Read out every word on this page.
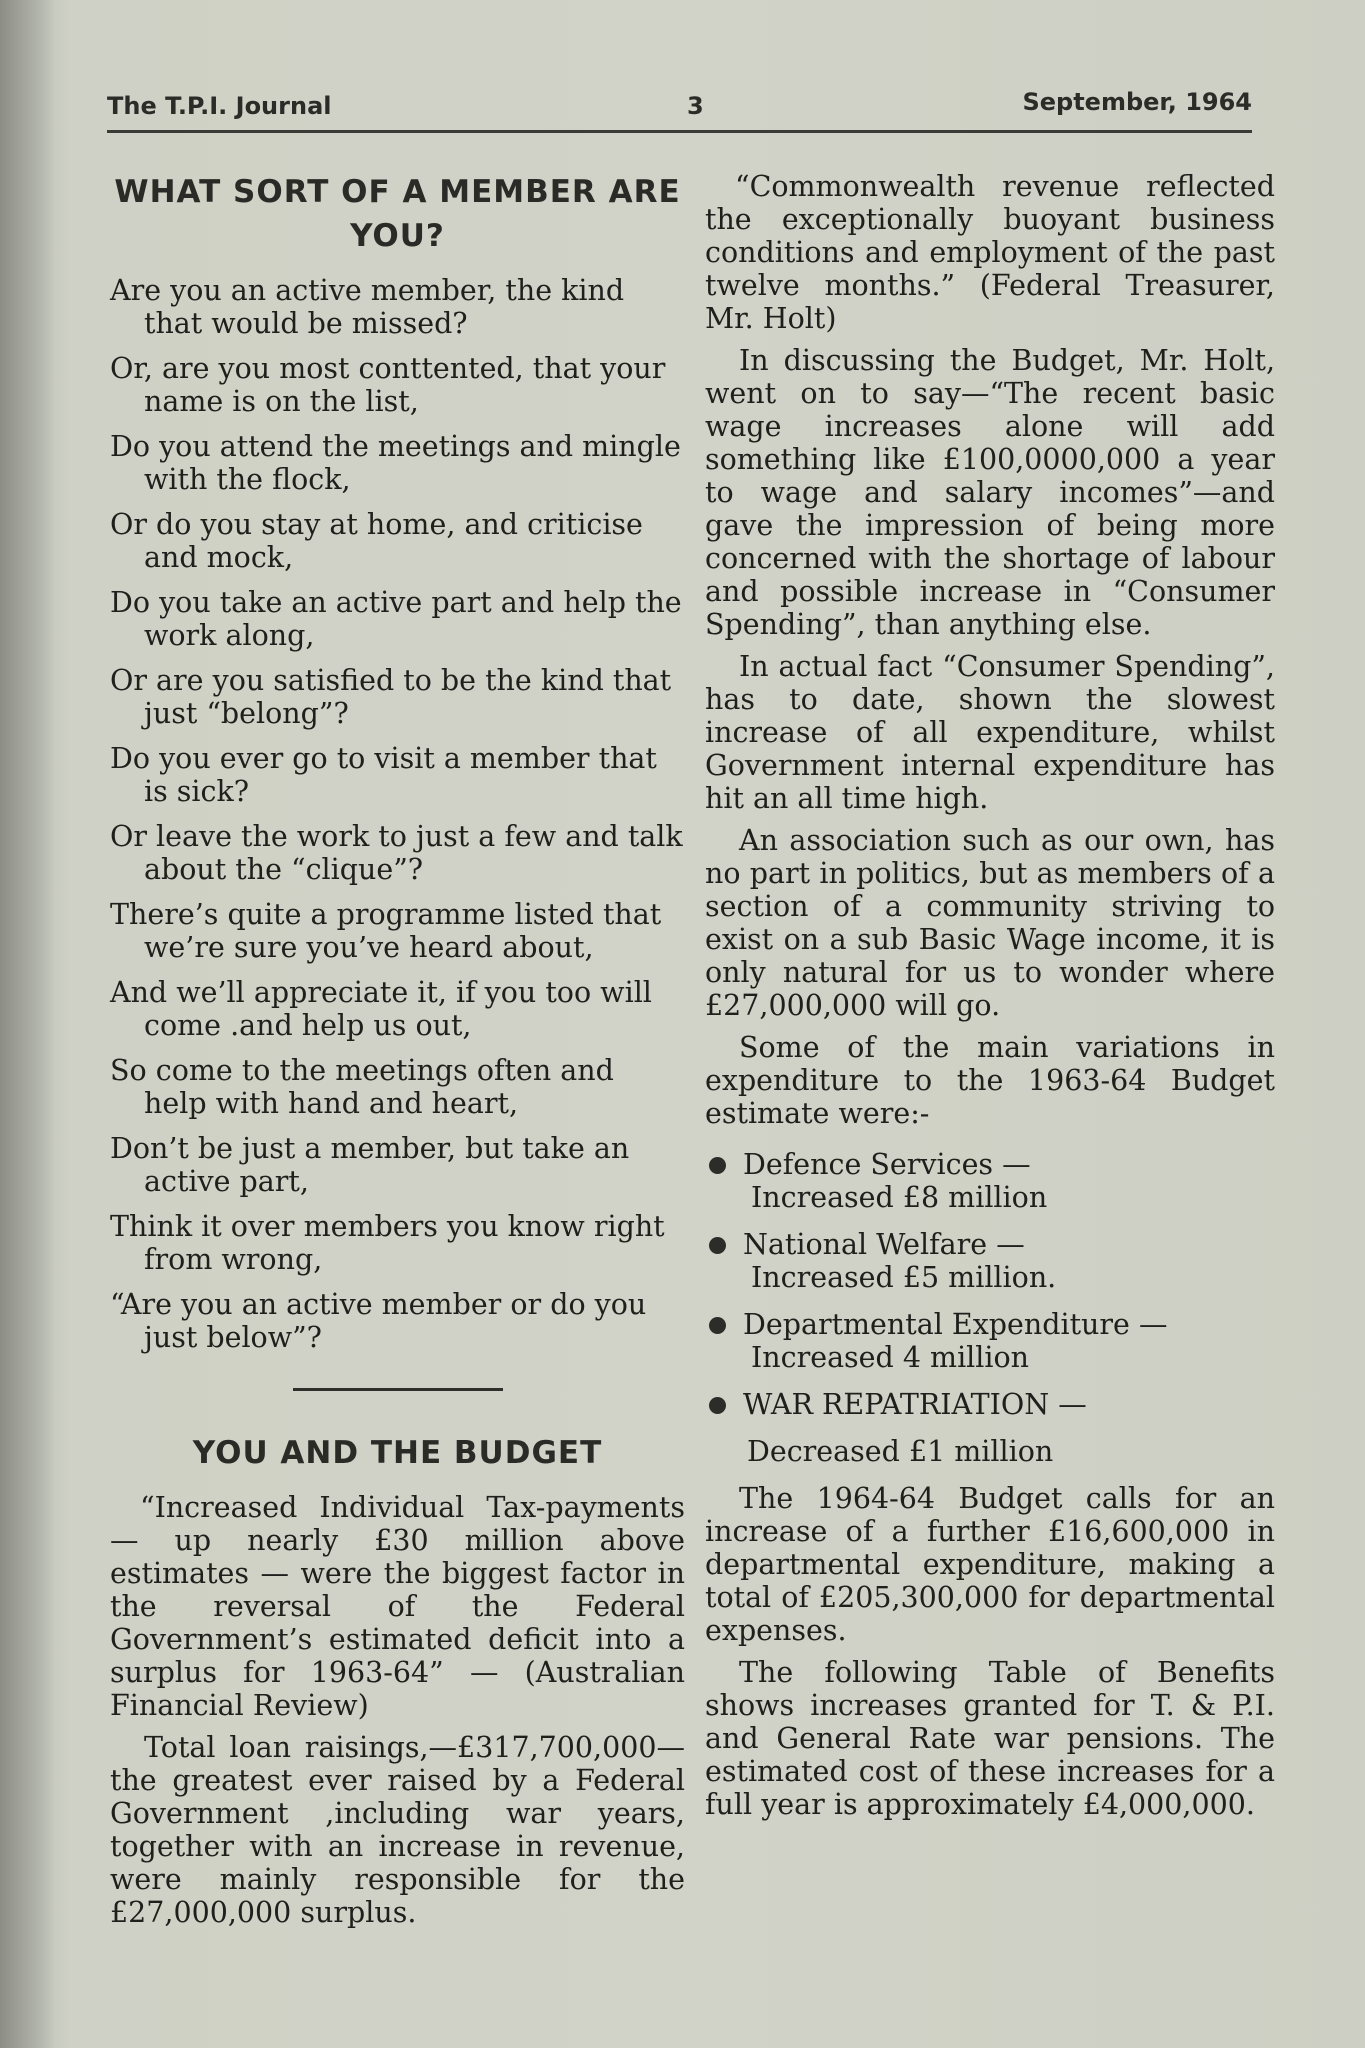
The T.P.I. Journal	3	September, 1964
WHAT SORT OF A MEMBER ARE YOU?

Are you an active member, the kind that would be missed?

Or, are you most conttented, that your name is on the list,

Do you attend the meetings and mingle with the flock,

Or do you stay at home, and criticise and mock,

Do you take an active part and help the work along,

Or are you satisfied to be the kind that just “belong”?

Do you ever go to visit a member that is sick?

Or leave the work to just a few and talk about the “clique”?

There’s quite a programme listed that we’re sure you’ve heard about,

And we’ll appreciate it, if you too will come .and help us out,

So come to the meetings often and help with hand and heart,

Don’t be just a member, but take an active part,

Think it over members you know right from wrong,

“Are you an active member or do you just below”?

YOU AND THE BUDGET

“Increased Individual Tax-payments — up nearly £30 million above estimates — were the biggest factor in the reversal of the Federal Government’s estimated deficit into a surplus for 1963-64” — (Australian Financial Review)

Total loan raisings,—£317,700,000— the greatest ever raised by a Federal Government ,including war years, together with an increase in revenue, were mainly responsible for the £27,000,000 surplus.

“Commonwealth revenue reflected the exceptionally buoyant business conditions and employment of the past twelve months.” (Federal Treasurer, Mr. Holt)

In discussing the Budget, Mr. Holt, went on to say—“The recent basic wage increases alone will add something like £100,0000,000 a year to wage and salary incomes”—and gave the impression of being more concerned with the shortage of labour and possible increase in “Consumer Spending”, than anything else.

In actual fact “Consumer Spending”, has to date, shown the slowest increase of all expenditure, whilst Government internal expenditure has hit an all time high.

An association such as our own, has no part in politics, but as members of a section of a community striving to exist on a sub Basic Wage income, it is only natural for us to wonder where £27,000,000 will go.

Some of the main variations in expenditure to the 1963-64 Budget estimate were:-

Defence Services —
Increased £8 million
National Welfare —
Increased £5 million.
Departmental Expenditure —
Increased 4 million
WAR REPATRIATION —
Decreased £1 million

The 1964-64 Budget calls for an increase of a further £16,600,000 in departmental expenditure, making a total of £205,300,000 for departmental expenses.

The following Table of Benefits shows increases granted for T. & P.I. and General Rate war pensions. The estimated cost of these increases for a full year is approximately £4,000,000.
